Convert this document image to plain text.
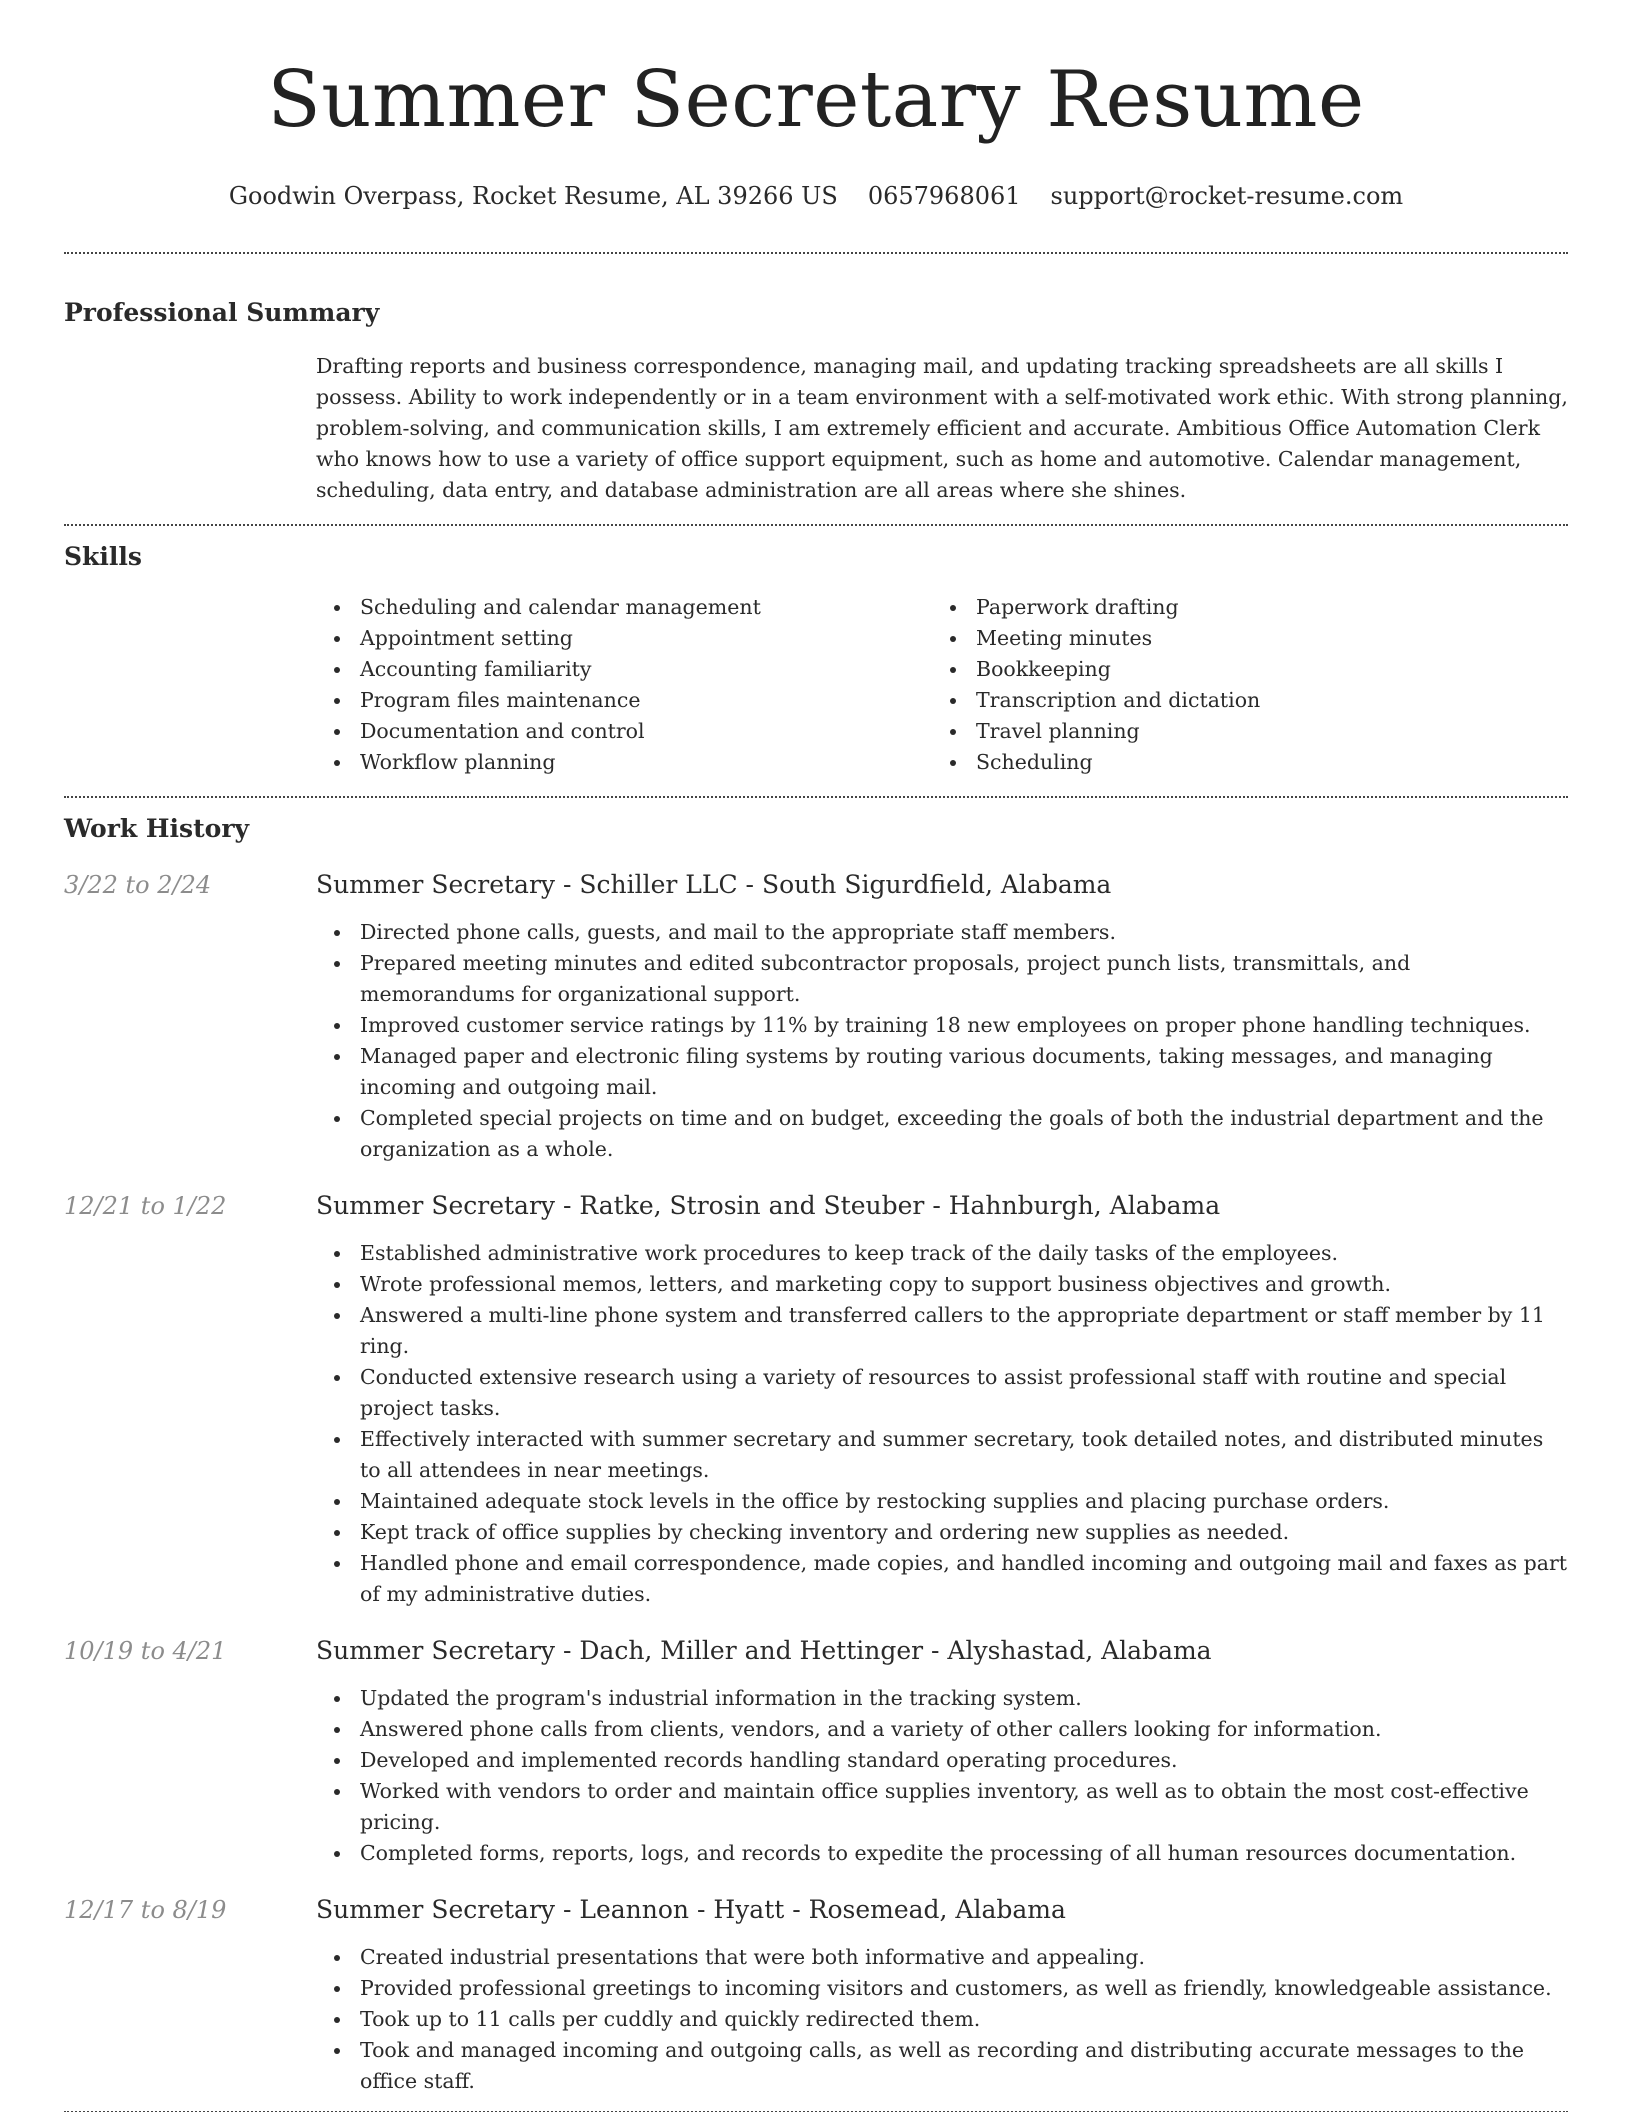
Summer Secretary Resume
Goodwin Overpass, Rocket Resume, AL 39266 US 0657968061 support@rocket-resume.com
Professional Summary

Drafting reports and business correspondence, managing mail, and updating tracking spreadsheets are all skills I possess. Ability to work independently or in a team environment with a self-motivated work ethic. With strong planning, problem-solving, and communication skills, I am extremely efficient and accurate. Ambitious Office Automation Clerk who knows how to use a variety of office support equipment, such as home and automotive. Calendar management, scheduling, data entry, and database administration are all areas where she shines.

Skills
Scheduling and calendar management
Appointment setting
Accounting familiarity
Program files maintenance
Documentation and control
Workflow planning
Paperwork drafting
Meeting minutes
Bookkeeping
Transcription and dictation
Travel planning
Scheduling
Work History
3/22 to 2/24	Summer Secretary - Schiller LLC - South Sigurdfield, Alabama
Directed phone calls, guests, and mail to the appropriate staff members.
Prepared meeting minutes and edited subcontractor proposals, project punch lists, transmittals, and memorandums for organizational support.
Improved customer service ratings by 11% by training 18 new employees on proper phone handling techniques.
Managed paper and electronic filing systems by routing various documents, taking messages, and managing incoming and outgoing mail.
Completed special projects on time and on budget, exceeding the goals of both the industrial department and the organization as a whole.
12/21 to 1/22	Summer Secretary - Ratke, Strosin and Steuber - Hahnburgh, Alabama
Established administrative work procedures to keep track of the daily tasks of the employees.
Wrote professional memos, letters, and marketing copy to support business objectives and growth.
Answered a multi-line phone system and transferred callers to the appropriate department or staff member by 11 ring.
Conducted extensive research using a variety of resources to assist professional staff with routine and special project tasks.
Effectively interacted with summer secretary and summer secretary, took detailed notes, and distributed minutes to all attendees in near meetings.
Maintained adequate stock levels in the office by restocking supplies and placing purchase orders.
Kept track of office supplies by checking inventory and ordering new supplies as needed.
Handled phone and email correspondence, made copies, and handled incoming and outgoing mail and faxes as part of my administrative duties.
10/19 to 4/21	Summer Secretary - Dach, Miller and Hettinger - Alyshastad, Alabama
Updated the program's industrial information in the tracking system.
Answered phone calls from clients, vendors, and a variety of other callers looking for information.
Developed and implemented records handling standard operating procedures.
Worked with vendors to order and maintain office supplies inventory, as well as to obtain the most cost-effective pricing.
Completed forms, reports, logs, and records to expedite the processing of all human resources documentation.
12/17 to 8/19	Summer Secretary - Leannon - Hyatt - Rosemead, Alabama
Created industrial presentations that were both informative and appealing.
Provided professional greetings to incoming visitors and customers, as well as friendly, knowledgeable assistance.
Took up to 11 calls per cuddly and quickly redirected them.
Took and managed incoming and outgoing calls, as well as recording and distributing accurate messages to the office staff.
